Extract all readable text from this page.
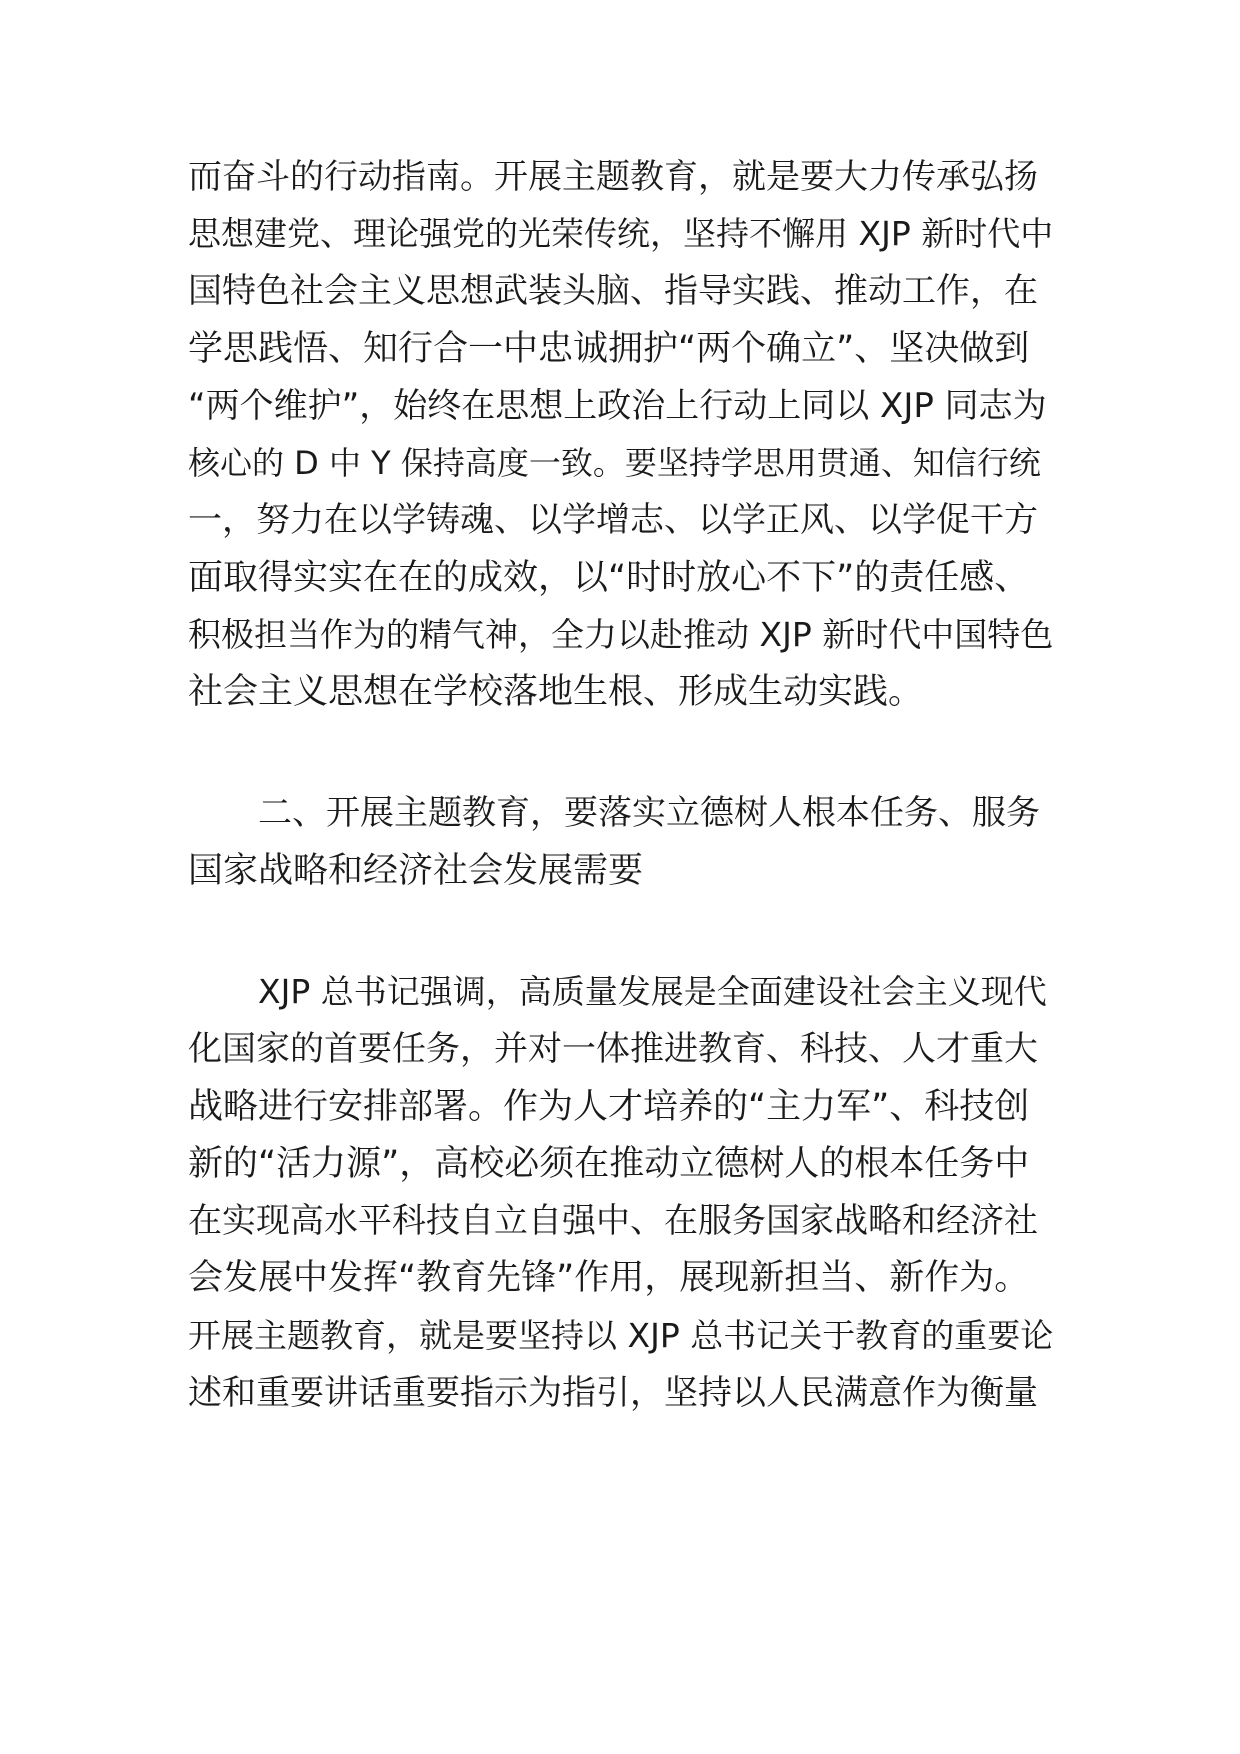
而奋斗的行动指南。开展主题教育，就是要大力传承弘扬
思想建党、理论强党的光荣传统，坚持不懈用 XJP 新时代中
国特色社会主义思想武装头脑、指导实践、推动工作，在
学思践悟、知行合一中忠诚拥护“两个确立”、坚决做到
“两个维护”，始终在思想上政治上行动上同以 XJP 同志为
核心的 D 中 Y 保持高度一致。要坚持学思用贯通、知信行统
一，努力在以学铸魂、以学增志、以学正风、以学促干方
面取得实实在在的成效，以“时时放心不下”的责任感、
积极担当作为的精气神，全力以赴推动 XJP 新时代中国特色
社会主义思想在学校落地生根、形成生动实践。
二、开展主题教育，要落实立德树人根本任务、服务
国家战略和经济社会发展需要
XJP 总书记强调，高质量发展是全面建设社会主义现代
化国家的首要任务，并对一体推进教育、科技、人才重大
战略进行安排部署。作为人才培养的“主力军”、科技创
新的“活力源”，高校必须在推动立德树人的根本任务中
在实现高水平科技自立自强中、在服务国家战略和经济社
会发展中发挥“教育先锋”作用，展现新担当、新作为。
开展主题教育，就是要坚持以 XJP 总书记关于教育的重要论
述和重要讲话重要指示为指引，坚持以人民满意作为衡量
